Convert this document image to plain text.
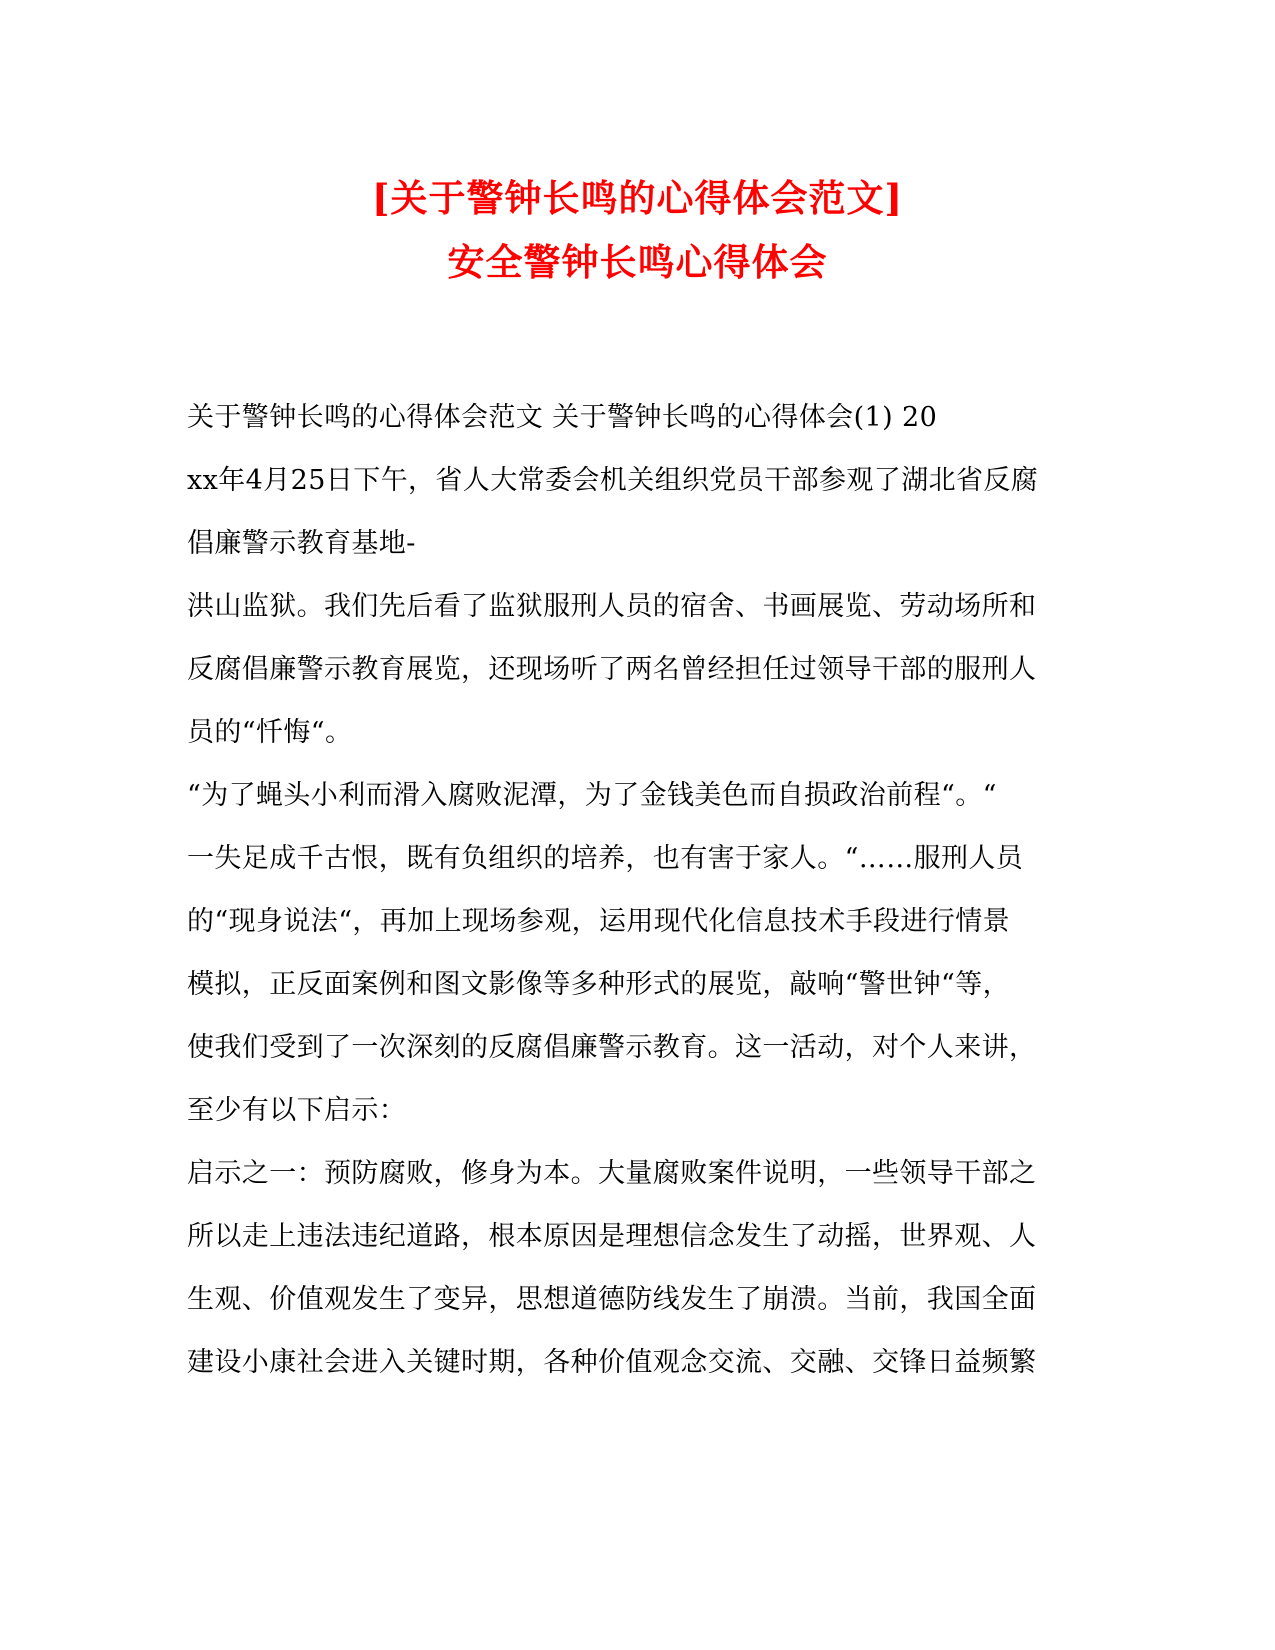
[关于警钟长鸣的心得体会范文]
安全警钟长鸣心得体会
关于警钟长鸣的心得体会范文 关于警钟长鸣的心得体会(1) 20
xx年4月25日下午，省人大常委会机关组织党员干部参观了湖北省反腐
倡廉警示教育基地-
洪山监狱。我们先后看了监狱服刑人员的宿舍、书画展览、劳动场所和
反腐倡廉警示教育展览，还现场听了两名曾经担任过领导干部的服刑人
员的“忏悔“。
“为了蝇头小利而滑入腐败泥潭，为了金钱美色而自损政治前程“。“
一失足成千古恨，既有负组织的培养，也有害于家人。“……服刑人员
的“现身说法“，再加上现场参观，运用现代化信息技术手段进行情景
模拟，正反面案例和图文影像等多种形式的展览，敲响“警世钟“等，
使我们受到了一次深刻的反腐倡廉警示教育。这一活动，对个人来讲，
至少有以下启示：
启示之一：预防腐败，修身为本。大量腐败案件说明，一些领导干部之
所以走上违法违纪道路，根本原因是理想信念发生了动摇，世界观、人
生观、价值观发生了变异，思想道德防线发生了崩溃。当前，我国全面
建设小康社会进入关键时期，各种价值观念交流、交融、交锋日益频繁
